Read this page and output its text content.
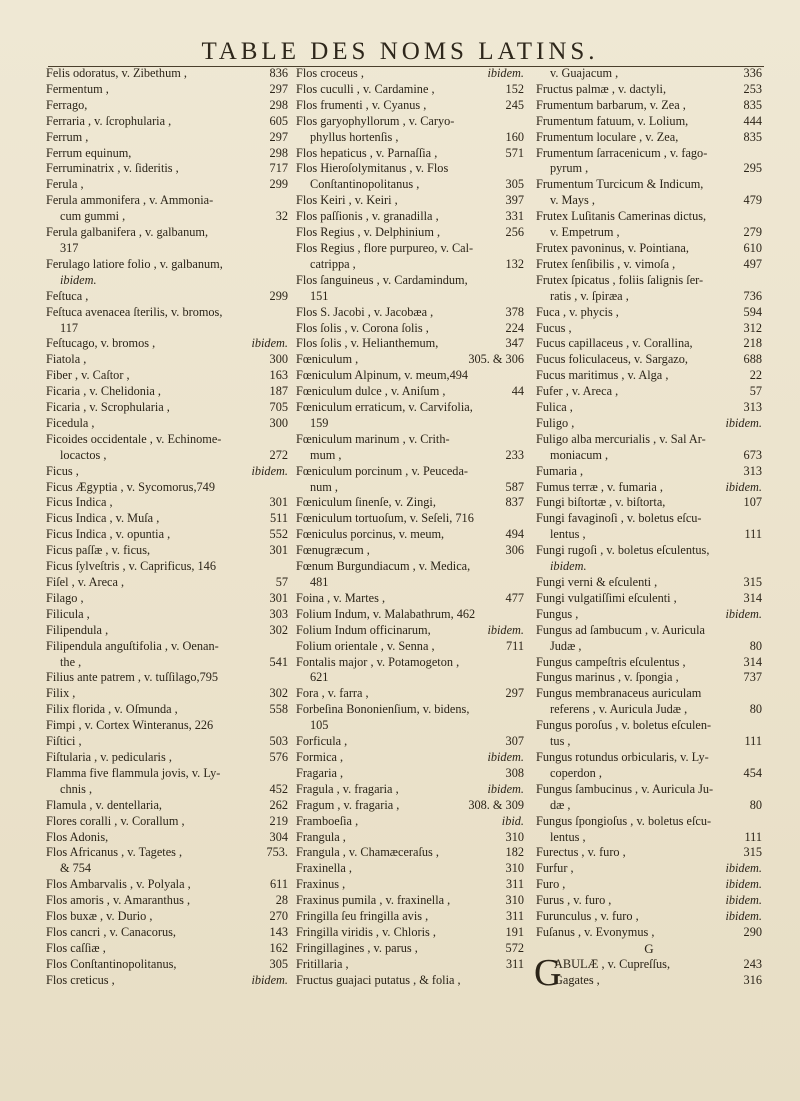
TABLE DES NOMS LATINS.
Felis odoratus, v. Zibethum ,	836
Fermentum ,	297
Ferrago,	298
Ferraria , v. ſcrophularia ,	605
Ferrum ,	297
Ferrum equinum,	298
Ferruminatrix , v. ſideritis ,	717
Ferula ,	299
Ferula ammonifera , v. Ammonia-
cum gummi ,	32
Ferula galbanifera , v. galbanum,
317
Ferulago latiore folio , v. galbanum,
ibidem.
Feſtuca ,	299
Feſtuca avenacea ſterilis, v. bromos,
117
Feſtucago, v. bromos ,	ibidem.
Fiatola ,	300
Fiber , v. Caſtor ,	163
Ficaria , v. Chelidonia ,	187
Ficaria , v. Scrophularia ,	705
Ficedula ,	300
Ficoides occidentale , v. Echinome-
locactos ,	272
Ficus ,	ibidem.
Ficus Ægyptia , v. Sycomorus,749
Ficus Indica ,	301
Ficus Indica , v. Muſa ,	511
Ficus Indica , v. opuntia ,	552
Ficus paſſæ , v. ficus,	301
Ficus ſylveſtris , v. Caprificus, 146
Fiſel , v. Areca ,	57
Filago ,	301
Filicula ,	303
Filipendula ,	302
Filipendula anguſtifolia , v. Oenan-
the ,	541
Filius ante patrem , v. tuſſilago,795
Filix ,	302
Filix florida , v. Oſmunda ,	558
Fimpi , v. Cortex Winteranus, 226
Fiſtici ,	503
Fiſtularia , v. pedicularis ,	576
Flamma five flammula jovis, v. Ly-
chnis ,	452
Flamula , v. dentellaria,	262
Flores coralli , v. Corallum ,	219
Flos Adonis,	304
Flos Africanus , v. Tagetes ,	753.
& 754
Flos Ambarvalis , v. Polyala ,	611
Flos amoris , v. Amaranthus ,	28
Flos buxæ , v. Durio ,	270
Flos cancri , v. Canacorus,	143
Flos caſſiæ ,	162
Flos Conſtantinopolitanus,	305
Flos creticus ,	ibidem.
Flos croceus ,	ibidem.
Flos cuculli , v. Cardamine ,	152
Flos frumenti , v. Cyanus ,	245
Flos garyophyllorum , v. Caryo-
phyllus hortenſis ,	160
Flos hepaticus , v. Parnaſſia ,	571
Flos Hieroſolymitanus , v. Flos
Conſtantinopolitanus ,	305
Flos Keiri , v. Keiri ,	397
Flos paſſionis , v. granadilla ,	331
Flos Regius , v. Delphinium ,	256
Flos Regius , flore purpureo, v. Cal-
catrippa ,	132
Flos ſanguineus , v. Cardamindum,
151
Flos S. Jacobi , v. Jacobæa ,	378
Flos ſolis , v. Corona ſolis ,	224
Flos ſolis , v. Helianthemum,	347
Fœniculum ,	305. & 306
Fœniculum Alpinum, v. meum,494
Fœniculum dulce , v. Aniſum ,	44
Fœniculum erraticum, v. Carvifolia,
159
Fœniculum marinum , v. Crith-
mum ,	233
Fœniculum porcinum , v. Peuceda-
num ,	587
Fœniculum ſinenſe, v. Zingi,	837
Fœniculum tortuoſum, v. Seſeli, 716
Fœniculus porcinus, v. meum,	494
Fœnugræcum ,	306
Fœnum Burgundiacum , v. Medica,
481
Foina , v. Martes ,	477
Folium Indum, v. Malabathrum, 462
Folium Indum officinarum,	ibidem.
Folium orientale , v. Senna ,	711
Fontalis major , v. Potamogeton ,
621
Fora , v. farra ,	297
Forbeſina Bononienſium, v. bidens,
105
Forficula ,	307
Formica ,	ibidem.
Fragaria ,	308
Fragula , v. fragaria ,	ibidem.
Fragum , v. fragaria ,	308. & 309
Framboeſia ,	ibid.
Frangula ,	310
Frangula , v. Chamæceraſus ,	182
Fraxinella ,	310
Fraxinus ,	311
Fraxinus pumila , v. fraxinella ,	310
Fringilla ſeu fringilla avis ,	311
Fringilla viridis , v. Chloris ,	191
Fringillagines , v. parus ,	572
Fritillaria ,	311
Fructus guajaci putatus , & folia ,
v. Guajacum ,	336
Fructus palmæ , v. dactyli,	253
Frumentum barbarum, v. Zea ,	835
Frumentum fatuum, v. Lolium,	444
Frumentum loculare , v. Zea,	835
Frumentum ſarracenicum , v. fago-
pyrum ,	295
Frumentum Turcicum & Indicum,
v. Mays ,	479
Frutex Luſitanis Camerinas dictus,
v. Empetrum ,	279
Frutex pavoninus, v. Pointiana,	610
Frutex ſenſibilis , v. vimoſa ,	497
Frutex ſpicatus , foliis ſalignis ſer-
ratis , v. ſpiræa ,	736
Fuca , v. phycis ,	594
Fucus ,	312
Fucus capillaceus , v. Corallina,	218
Fucus foliculaceus, v. Sargazo,	688
Fucus maritimus , v. Alga ,	22
Fufer , v. Areca ,	57
Fulica ,	313
Fuligo ,	ibidem.
Fuligo alba mercurialis , v. Sal Ar-
moniacum ,	673
Fumaria ,	313
Fumus terræ , v. fumaria ,	ibidem.
Fungi biſtortæ , v. biſtorta,	107
Fungi favaginoſi , v. boletus eſcu-
lentus ,	111
Fungi rugoſi , v. boletus eſculentus,
ibidem.
Fungi verni & eſculenti ,	315
Fungi vulgatiſſimi eſculenti ,	314
Fungus ,	ibidem.
Fungus ad ſambucum , v. Auricula
Judæ ,	80
Fungus campeſtris eſculentus ,	314
Fungus marinus , v. ſpongia ,	737
Fungus membranaceus auriculam
referens , v. Auricula Judæ ,	80
Fungus poroſus , v. boletus eſculen-
tus ,	111
Fungus rotundus orbicularis, v. Ly-
coperdon ,	454
Fungus ſambucinus , v. Auricula Ju-
dæ ,	80
Fungus ſpongioſus , v. boletus eſcu-
lentus ,	111
Furectus , v. furo ,	315
Furfur ,	ibidem.
Furo ,	ibidem.
Furus , v. furo ,	ibidem.
Furunculus , v. furo ,	ibidem.
Fuſanus , v. Evonymus ,	290
G
G
ABULÆ , v. Cupreſſus,	243
Gagates ,	316
